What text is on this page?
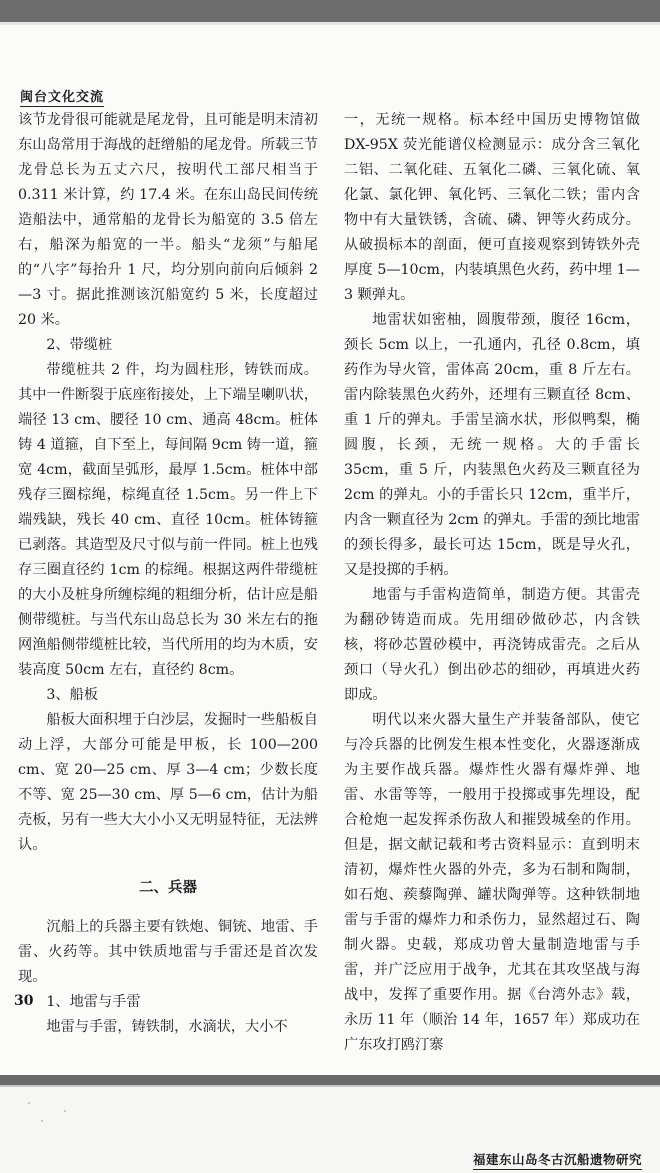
闽台文化交流

该节龙骨很可能就是尾龙骨，且可能是明末清初东山岛常用于海战的赶缯船的尾龙骨。所载三节龙骨总长为五丈六尺，按明代工部尺相当于 0.311 米计算，约 17.4 米。在东山岛民间传统造船法中，通常船的龙骨长为船宽的 3.5 倍左右，船深为船宽的一半。船头“龙须”与船尾的“八字”每抬升 1 尺，均分别向前向后倾斜 2—3 寸。据此推测该沉船宽约 5 米，长度超过 20 米。

2、带缆桩

带缆桩共 2 件，均为圆柱形，铸铁而成。其中一件断裂于底座衔接处，上下端呈喇叭状，端径 13 cm、腰径 10 cm、通高 48cm。桩体铸 4 道箍，自下至上，每间隔 9cm 铸一道，箍宽 4cm，截面呈弧形，最厚 1.5cm。桩体中部残存三圈棕绳，棕绳直径 1.5cm。另一件上下端残缺，残长 40 cm、直径 10cm。桩体铸箍已剥落。其造型及尺寸似与前一件同。桩上也残存三圈直径约 1cm 的棕绳。根据这两件带缆桩的大小及桩身所缠棕绳的粗细分析，估计应是船侧带缆桩。与当代东山岛总长为 30 米左右的拖网渔船侧带缆桩比较，当代所用的均为木质，安装高度 50cm 左右，直径约 8cm。

3、船板

船板大面积埋于白沙层，发掘时一些船板自动上浮，大部分可能是甲板，长 100—200 cm、宽 20—25 cm、厚 3—4 cm；少数长度不等、宽 25—30 cm、厚 5—6 cm，估计为船壳板，另有一些大大小小又无明显特征，无法辨认。

二、兵器

沉船上的兵器主要有铁炮、铜铳、地雷、手雷、火药等。其中铁质地雷与手雷还是首次发现。

1、地雷与手雷

地雷与手雷，铸铁制，水滴状，大小不

一，无统一规格。标本经中国历史博物馆做 DX-95X 荧光能谱仪检测显示：成分含三氧化二铝、二氧化硅、五氧化二磷、三氧化硫、氧化氯、氯化钾、氧化钙、三氧化二铁；雷内含物中有大量铁锈，含硫、磷、钾等火药成分。从破损标本的剖面，便可直接观察到铸铁外壳厚度 5—10cm，内装填黑色火药，药中埋 1—3 颗弹丸。

地雷状如密柚，圆腹带颈，腹径 16cm，颈长 5cm 以上，一孔通内，孔径 0.8cm，填药作为导火管，雷体高 20cm，重 8 斤左右。雷内除装黑色火药外，还埋有三颗直径 8cm、重 1 斤的弹丸。手雷呈滴水状，形似鸭梨，椭圆腹，长颈，无统一规格。大的手雷长 35cm，重 5 斤，内装黑色火药及三颗直径为 2cm 的弹丸。小的手雷长只 12cm，重半斤，内含一颗直径为 2cm 的弹丸。手雷的颈比地雷的颈长得多，最长可达 15cm，既是导火孔，又是投掷的手柄。

地雷与手雷构造简单，制造方便。其雷壳为翻砂铸造而成。先用细砂做砂芯，内含铁核，将砂芯置砂模中，再浇铸成雷壳。之后从颈口（导火孔）倒出砂芯的细砂，再填进火药即成。

明代以来火器大量生产并装备部队，使它与冷兵器的比例发生根本性变化，火器逐渐成为主要作战兵器。爆炸性火器有爆炸弹、地雷、水雷等等，一般用于投掷或事先埋设，配合枪炮一起发挥杀伤敌人和摧毁城垒的作用。但是，据文献记载和考古资料显示：直到明末清初，爆炸性火器的外壳，多为石制和陶制，如石炮、蒺藜陶弹、罐状陶弹等。这种铁制地雷与手雷的爆炸力和杀伤力，显然超过石、陶制火器。史载，郑成功曾大量制造地雷与手雷，并广泛应用于战争，尤其在其攻坚战与海战中，发挥了重要作用。据《台湾外志》载，永历 11 年（顺治 14 年，1657 年）郑成功在广东攻打鸥汀寨

30
福建东山岛冬古沉船遗物研究
